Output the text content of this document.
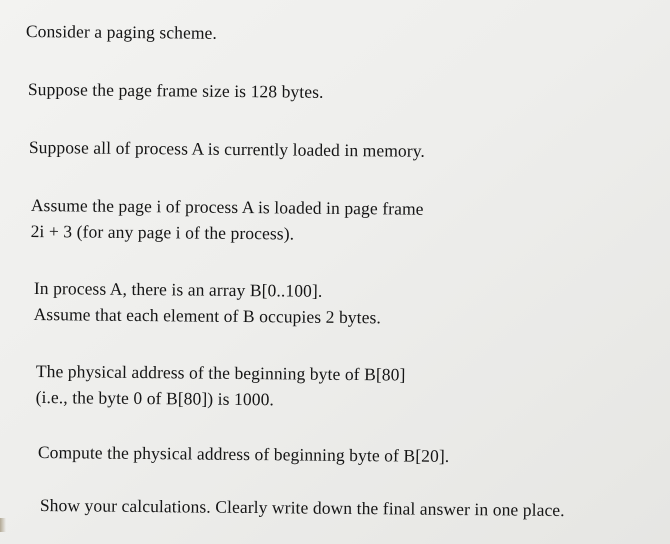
Consider a paging scheme.

Suppose the page frame size is 128 bytes.

Suppose all of process A is currently loaded in memory.

Assume the page i of process A is loaded in page frame
2i + 3 (for any page i of the process).

In process A, there is an array B[0..100].
Assume that each element of B occupies 2 bytes.

The physical address of the beginning byte of B[80]
(i.e., the byte 0 of B[80]) is 1000.

Compute the physical address of beginning byte of B[20].

Show your calculations. Clearly write down the final answer in one place.
